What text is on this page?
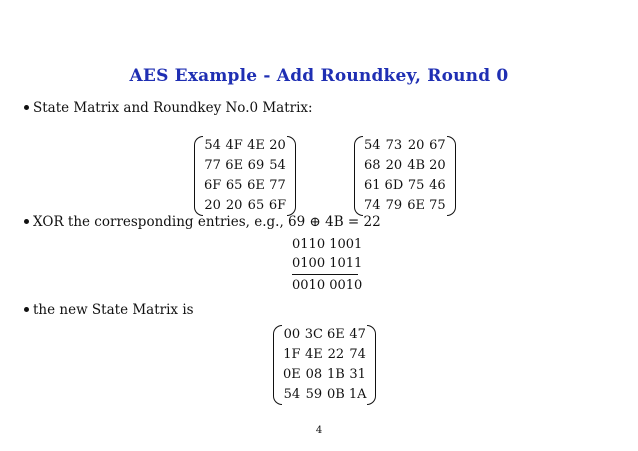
AES Example - Add Roundkey, Round 0
State Matrix and Roundkey No.0 Matrix:
54	4F	4E	20
77	6E	69	54
6F	65	6E	77
20	20	65	6F
54	73	20	67
68	20	4B	20
61	6D	75	46
74	79	6E	75
XOR the corresponding entries, e.g., 69 ⊕ 4B = 22
0110 1001
0100 1011
0010 0010
the new State Matrix is
00	3C	6E	47
1F	4E	22	74
0E	08	1B	31
54	59	0B	1A
4
